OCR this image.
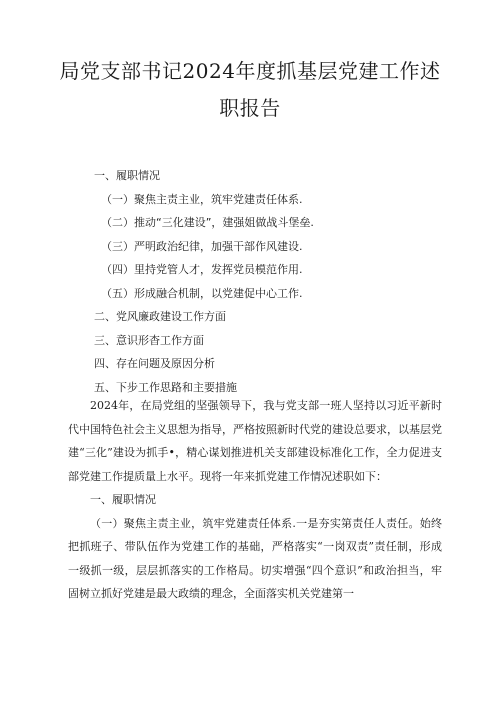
局党支部书记2024年度抓基层党建工作述
职报告
一、履职情况
（一）聚焦主责主业，筑牢党建责任体系.
（二）推动“三化建设”，建强姐做战斗堡垒.
（三）严明政治纪律，加强干部作风建设.
（四）里持党管人才，发挥党员模范作用.
（五）形成融合机制，以党建促中心工作.
二、党风廉政建设工作方面
三、意识形杳工作方面
四、存在问题及原因分析
五、下步工作思路和主要措施

2024年，在局党组的坚强领导下，我与党支部一班人坚持以习近平新时代中国特色社会主义思想为指导，严格按照新时代党的建设总要求，以基层党建“三化”建设为抓手•，精心谋划推进机关支部建设标准化工作，全力促进支部党建工作提质量上水平。现将一年来抓党建工作情况述职如下：

一、履职情况

（一）聚焦主责主业，筑牢党建责任体系.一是夯实第责任人责任。始终把抓班子、带队伍作为党建工作的基础，严格落实“一岗双责”责任制，形成一级抓一级，层层抓落实的工作格局。切实增强“四个意识”和政治担当，牢固树立抓好党建是最大政绩的理念，全面落实机关党建第一
